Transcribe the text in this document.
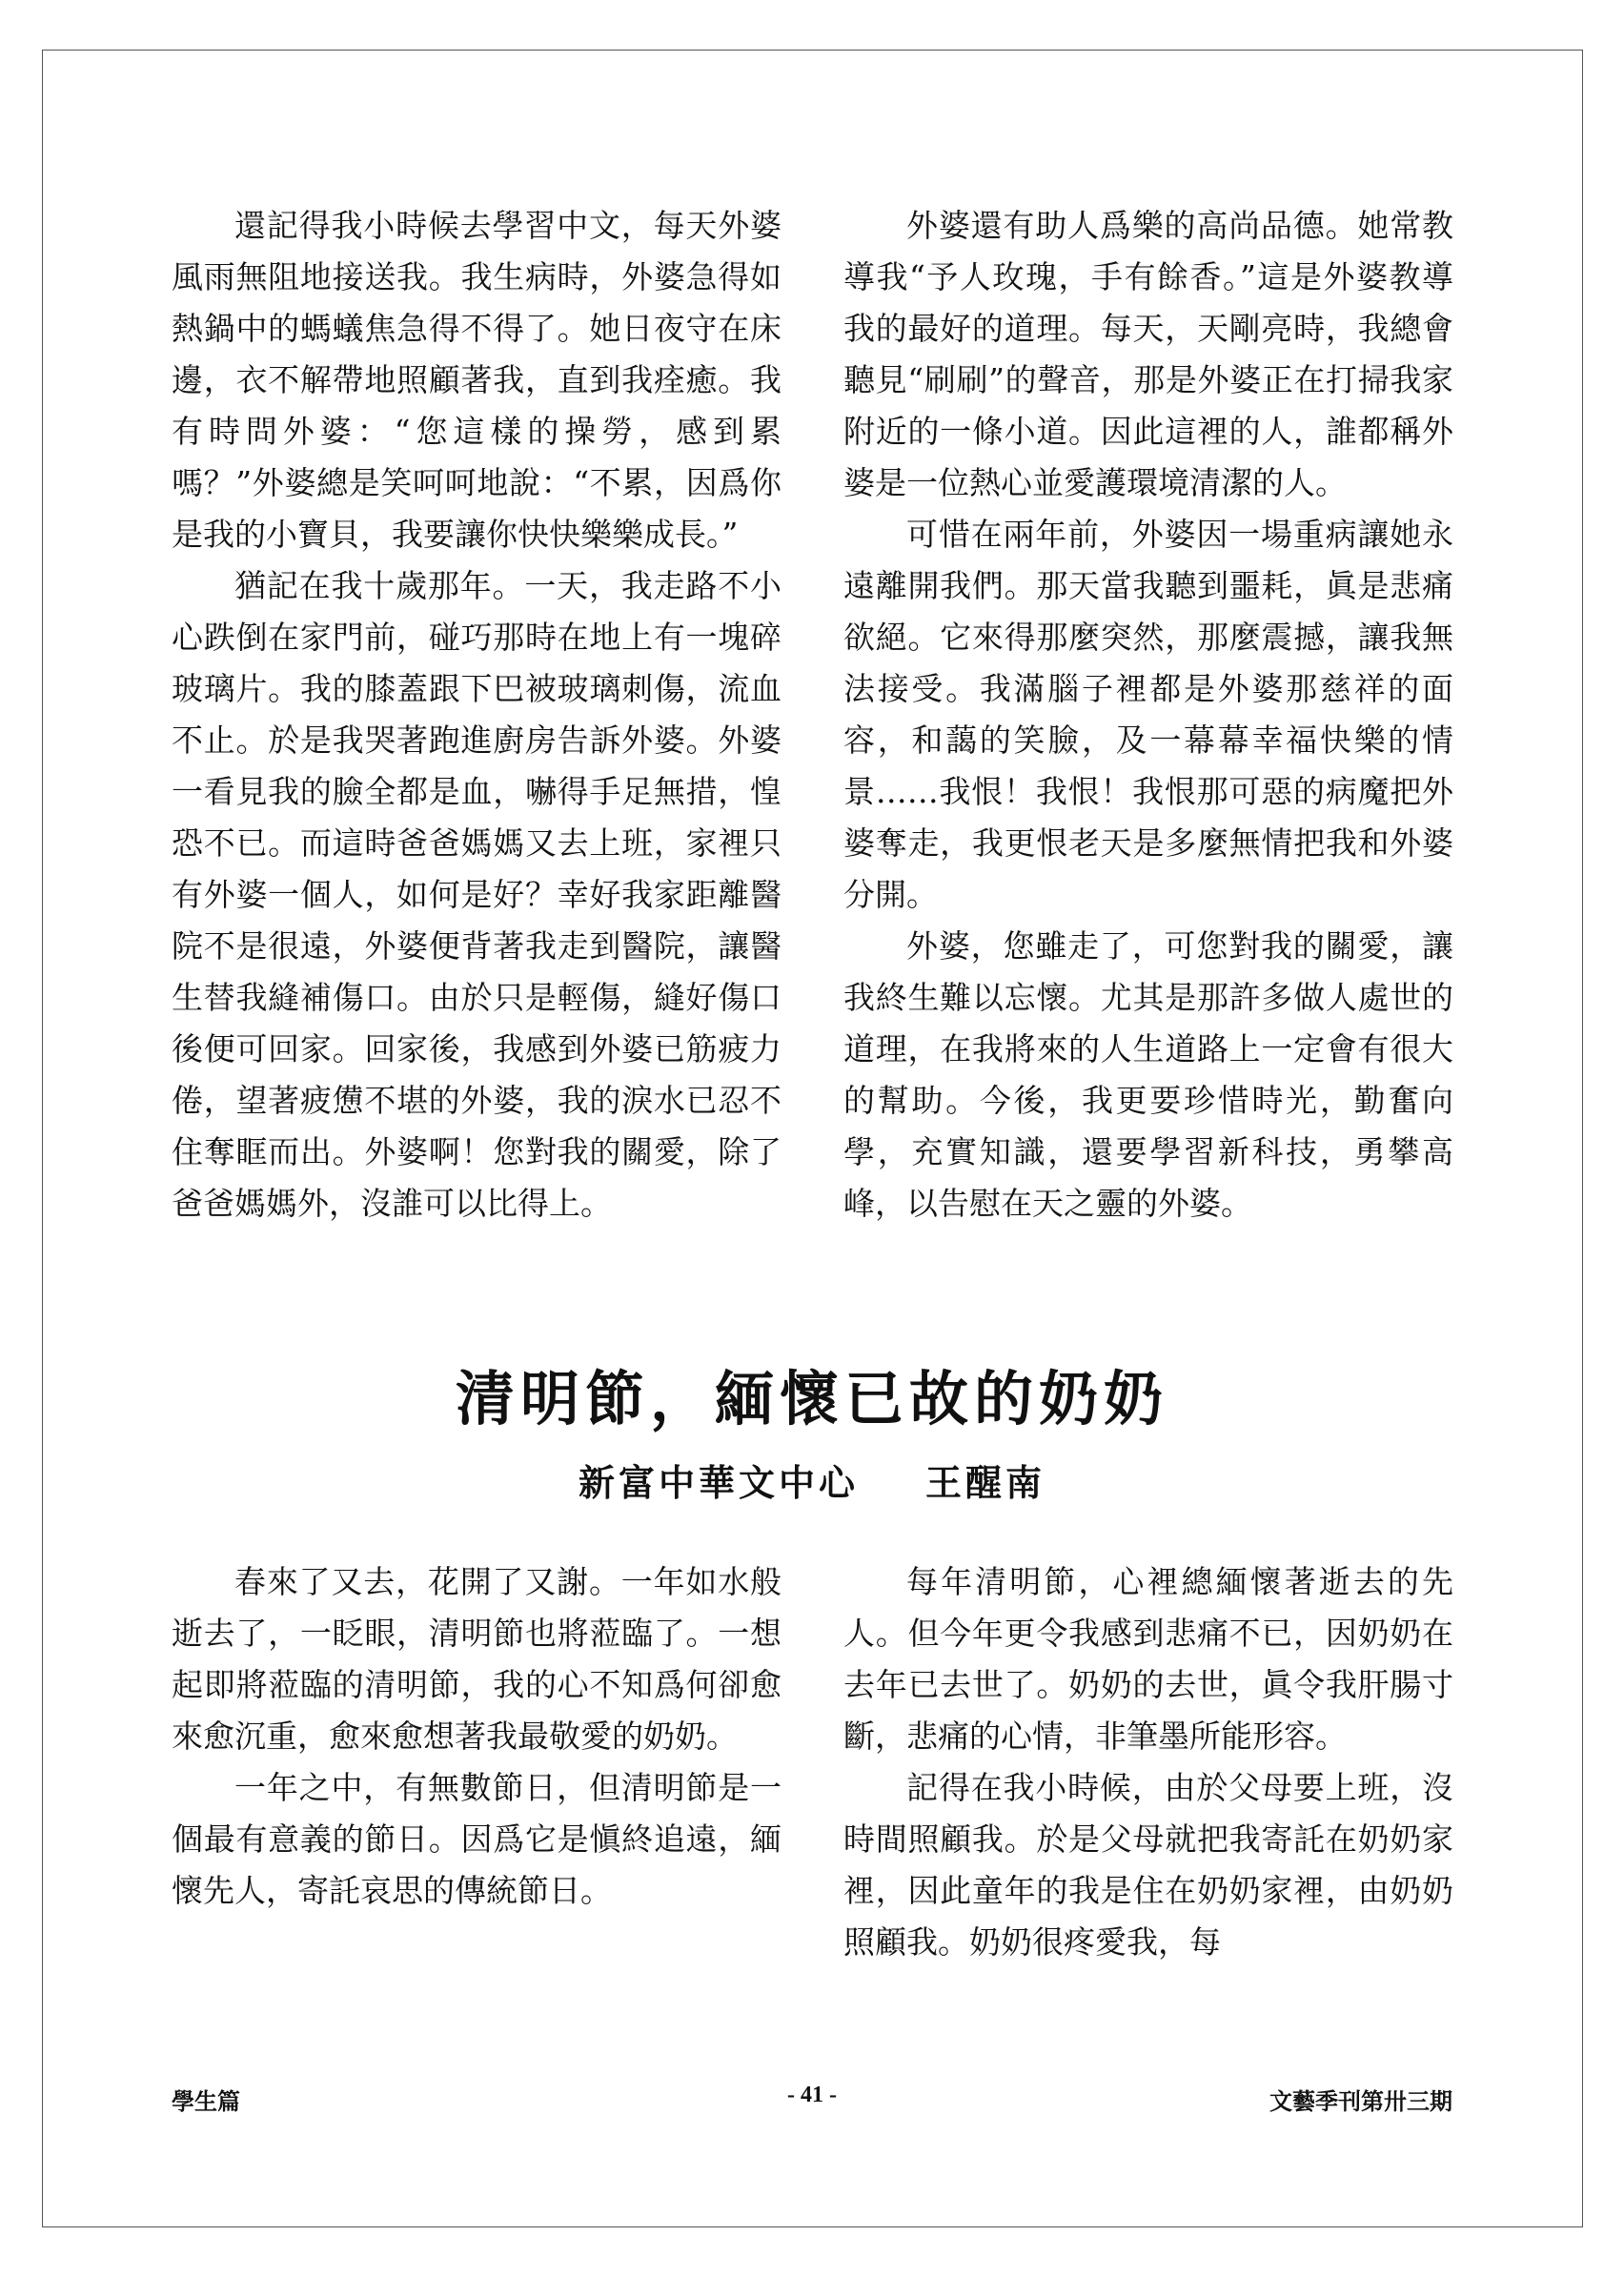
還記得我小時候去學習中文，每天外婆風雨無阻地接送我。我生病時，外婆急得如熱鍋中的螞蟻焦急得不得了。她日夜守在床邊，衣不解帶地照顧著我，直到我痊癒。我有時問外婆：“您這樣的操勞，感到累嗎？”外婆總是笑呵呵地說：“不累，因爲你是我的小寶貝，我要讓你快快樂樂成長。”

猶記在我十歲那年。一天，我走路不小心跌倒在家門前，碰巧那時在地上有一塊碎玻璃片。我的膝蓋跟下巴被玻璃刺傷，流血不止。於是我哭著跑進廚房告訴外婆。外婆一看見我的臉全都是血，嚇得手足無措，惶恐不已。而這時爸爸媽媽又去上班，家裡只有外婆一個人，如何是好？幸好我家距離醫院不是很遠，外婆便背著我走到醫院，讓醫生替我縫補傷口。由於只是輕傷，縫好傷口後便可回家。回家後，我感到外婆已筋疲力倦，望著疲憊不堪的外婆，我的淚水已忍不住奪眶而出。外婆啊！您對我的關愛，除了爸爸媽媽外，沒誰可以比得上。

外婆還有助人爲樂的高尚品德。她常教導我“予人玫瑰，手有餘香。”這是外婆教導我的最好的道理。每天，天剛亮時，我總會聽見“刷刷”的聲音，那是外婆正在打掃我家附近的一條小道。因此這裡的人，誰都稱外婆是一位熱心並愛護環境清潔的人。

可惜在兩年前，外婆因一場重病讓她永遠離開我們。那天當我聽到噩耗，眞是悲痛欲絕。它來得那麼突然，那麼震撼，讓我無法接受。我滿腦子裡都是外婆那慈祥的面容，和藹的笑臉，及一幕幕幸福快樂的情景……我恨！我恨！我恨那可惡的病魔把外婆奪走，我更恨老天是多麼無情把我和外婆分開。

外婆，您雖走了，可您對我的關愛，讓我終生難以忘懷。尤其是那許多做人處世的道理，在我將來的人生道路上一定會有很大的幫助。今後，我更要珍惜時光，勤奮向學，充實知識，還要學習新科技，勇攀高峰，以告慰在天之靈的外婆。

清明節，緬懷已故的奶奶
新富中華文中心 王醒南

春來了又去，花開了又謝。一年如水般逝去了，一眨眼，清明節也將蒞臨了。一想起即將蒞臨的清明節，我的心不知爲何卻愈來愈沉重，愈來愈想著我最敬愛的奶奶。

一年之中，有無數節日，但清明節是一個最有意義的節日。因爲它是愼終追遠，緬懷先人，寄託哀思的傳統節日。

每年清明節，心裡總緬懷著逝去的先人。但今年更令我感到悲痛不已，因奶奶在去年已去世了。奶奶的去世，眞令我肝腸寸斷，悲痛的心情，非筆墨所能形容。

記得在我小時候，由於父母要上班，沒時間照顧我。於是父母就把我寄託在奶奶家裡，因此童年的我是住在奶奶家裡，由奶奶照顧我。奶奶很疼愛我，每

- 41 -
學生篇	文藝季刊第卅三期
